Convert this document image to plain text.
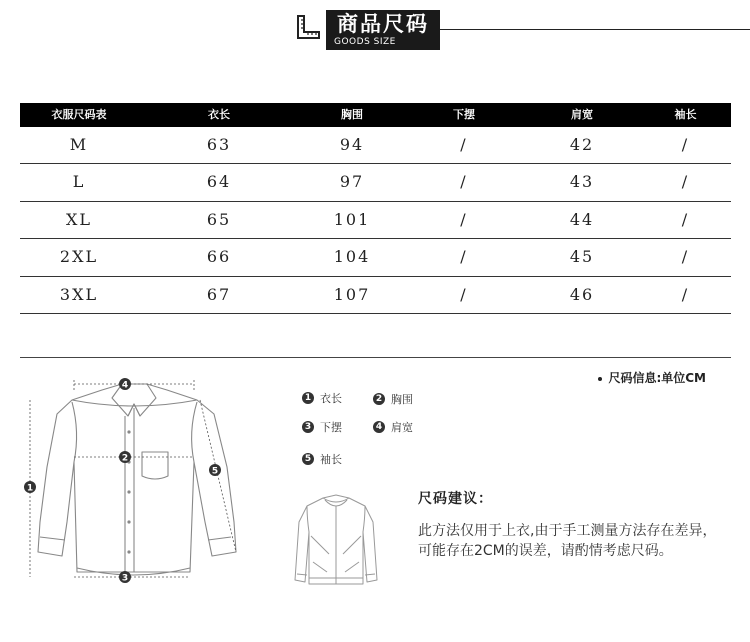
商品尺码
GOODS SIZE
衣服尺码表	衣长	胸围	下摆	肩宽	袖长
M	63	94	/	42	/
L	64	97	/	43	/
XL	65	101	/	44	/
2XL	66	104	/	45	/
3XL	67	107	/	46	/
尺码信息:单位CM
1
2
3
4
5
1 衣长	2 胸围
3 下摆	4 肩宽
5 袖长
尺码建议：
此方法仅用于上衣,由于手工测量方法存在差异，可能存在2CM的误差，请酌情考虑尺码。
